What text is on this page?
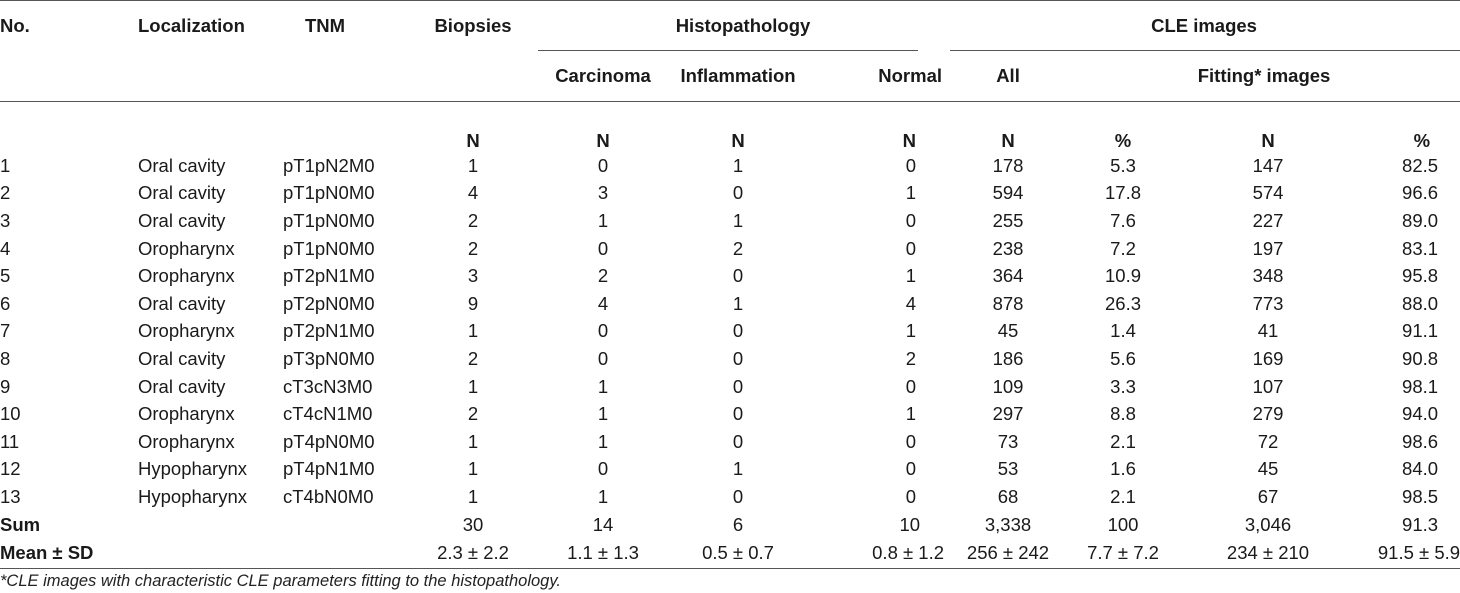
No.	Localization	TNM	Biopsies	Histopathology			CLE images			
				Carcinoma	Inflammation	Normal	All	Fitting* images		
			N	N	N	N	N	%	N	%
1	Oral cavity	pT1pN2M0	1	0	1	0	178	5.3	147	82.5
2	Oral cavity	pT1pN0M0	4	3	0	1	594	17.8	574	96.6
3	Oral cavity	pT1pN0M0	2	1	1	0	255	7.6	227	89.0
4	Oropharynx	pT1pN0M0	2	0	2	0	238	7.2	197	83.1
5	Oropharynx	pT2pN1M0	3	2	0	1	364	10.9	348	95.8
6	Oral cavity	pT2pN0M0	9	4	1	4	878	26.3	773	88.0
7	Oropharynx	pT2pN1M0	1	0	0	1	45	1.4	41	91.1
8	Oral cavity	pT3pN0M0	2	0	0	2	186	5.6	169	90.8
9	Oral cavity	cT3cN3M0	1	1	0	0	109	3.3	107	98.1
10	Oropharynx	cT4cN1M0	2	1	0	1	297	8.8	279	94.0
11	Oropharynx	pT4pN0M0	1	1	0	0	73	2.1	72	98.6
12	Hypopharynx	pT4pN1M0	1	0	1	0	53	1.6	45	84.0
13	Hypopharynx	cT4bN0M0	1	1	0	0	68	2.1	67	98.5
Sum			30	14	6	10	3,338	100	3,046	91.3
Mean ± SD			2.3 ± 2.2	1.1 ± 1.3	0.5 ± 0.7	0.8 ± 1.2	256 ± 242	7.7 ± 7.2	234 ± 210	91.5 ± 5.9
*CLE images with characteristic CLE parameters fitting to the histopathology.
